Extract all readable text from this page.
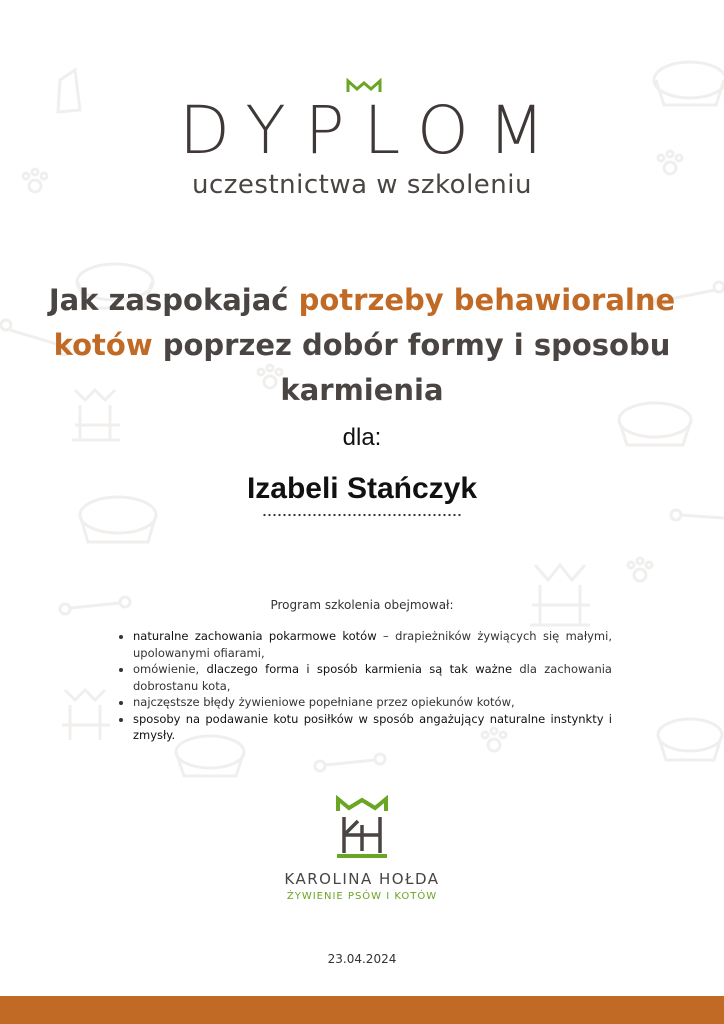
DYPLOM
uczestnictwa w szkoleniu
Jak zaspokajać potrzeby behawioralne kotów poprzez dobór formy i sposobu karmienia
dla:
Izabeli Stańczyk
Program szkolenia obejmował:
• naturalne zachowania pokarmowe kotów – drapieżników żywiących się małymi, upolowanymi ofiarami,
• omówienie, dlaczego forma i sposób karmienia są tak ważne dla zachowania dobrostanu kota,
• najczęstsze błędy żywieniowe popełniane przez opiekunów kotów,
• sposoby na podawanie kotu posiłków w sposób angażujący naturalne instynkty i zmysły.
KAROLINA HOŁDA
ŻYWIENIE PSÓW I KOTÓW
23.04.2024
